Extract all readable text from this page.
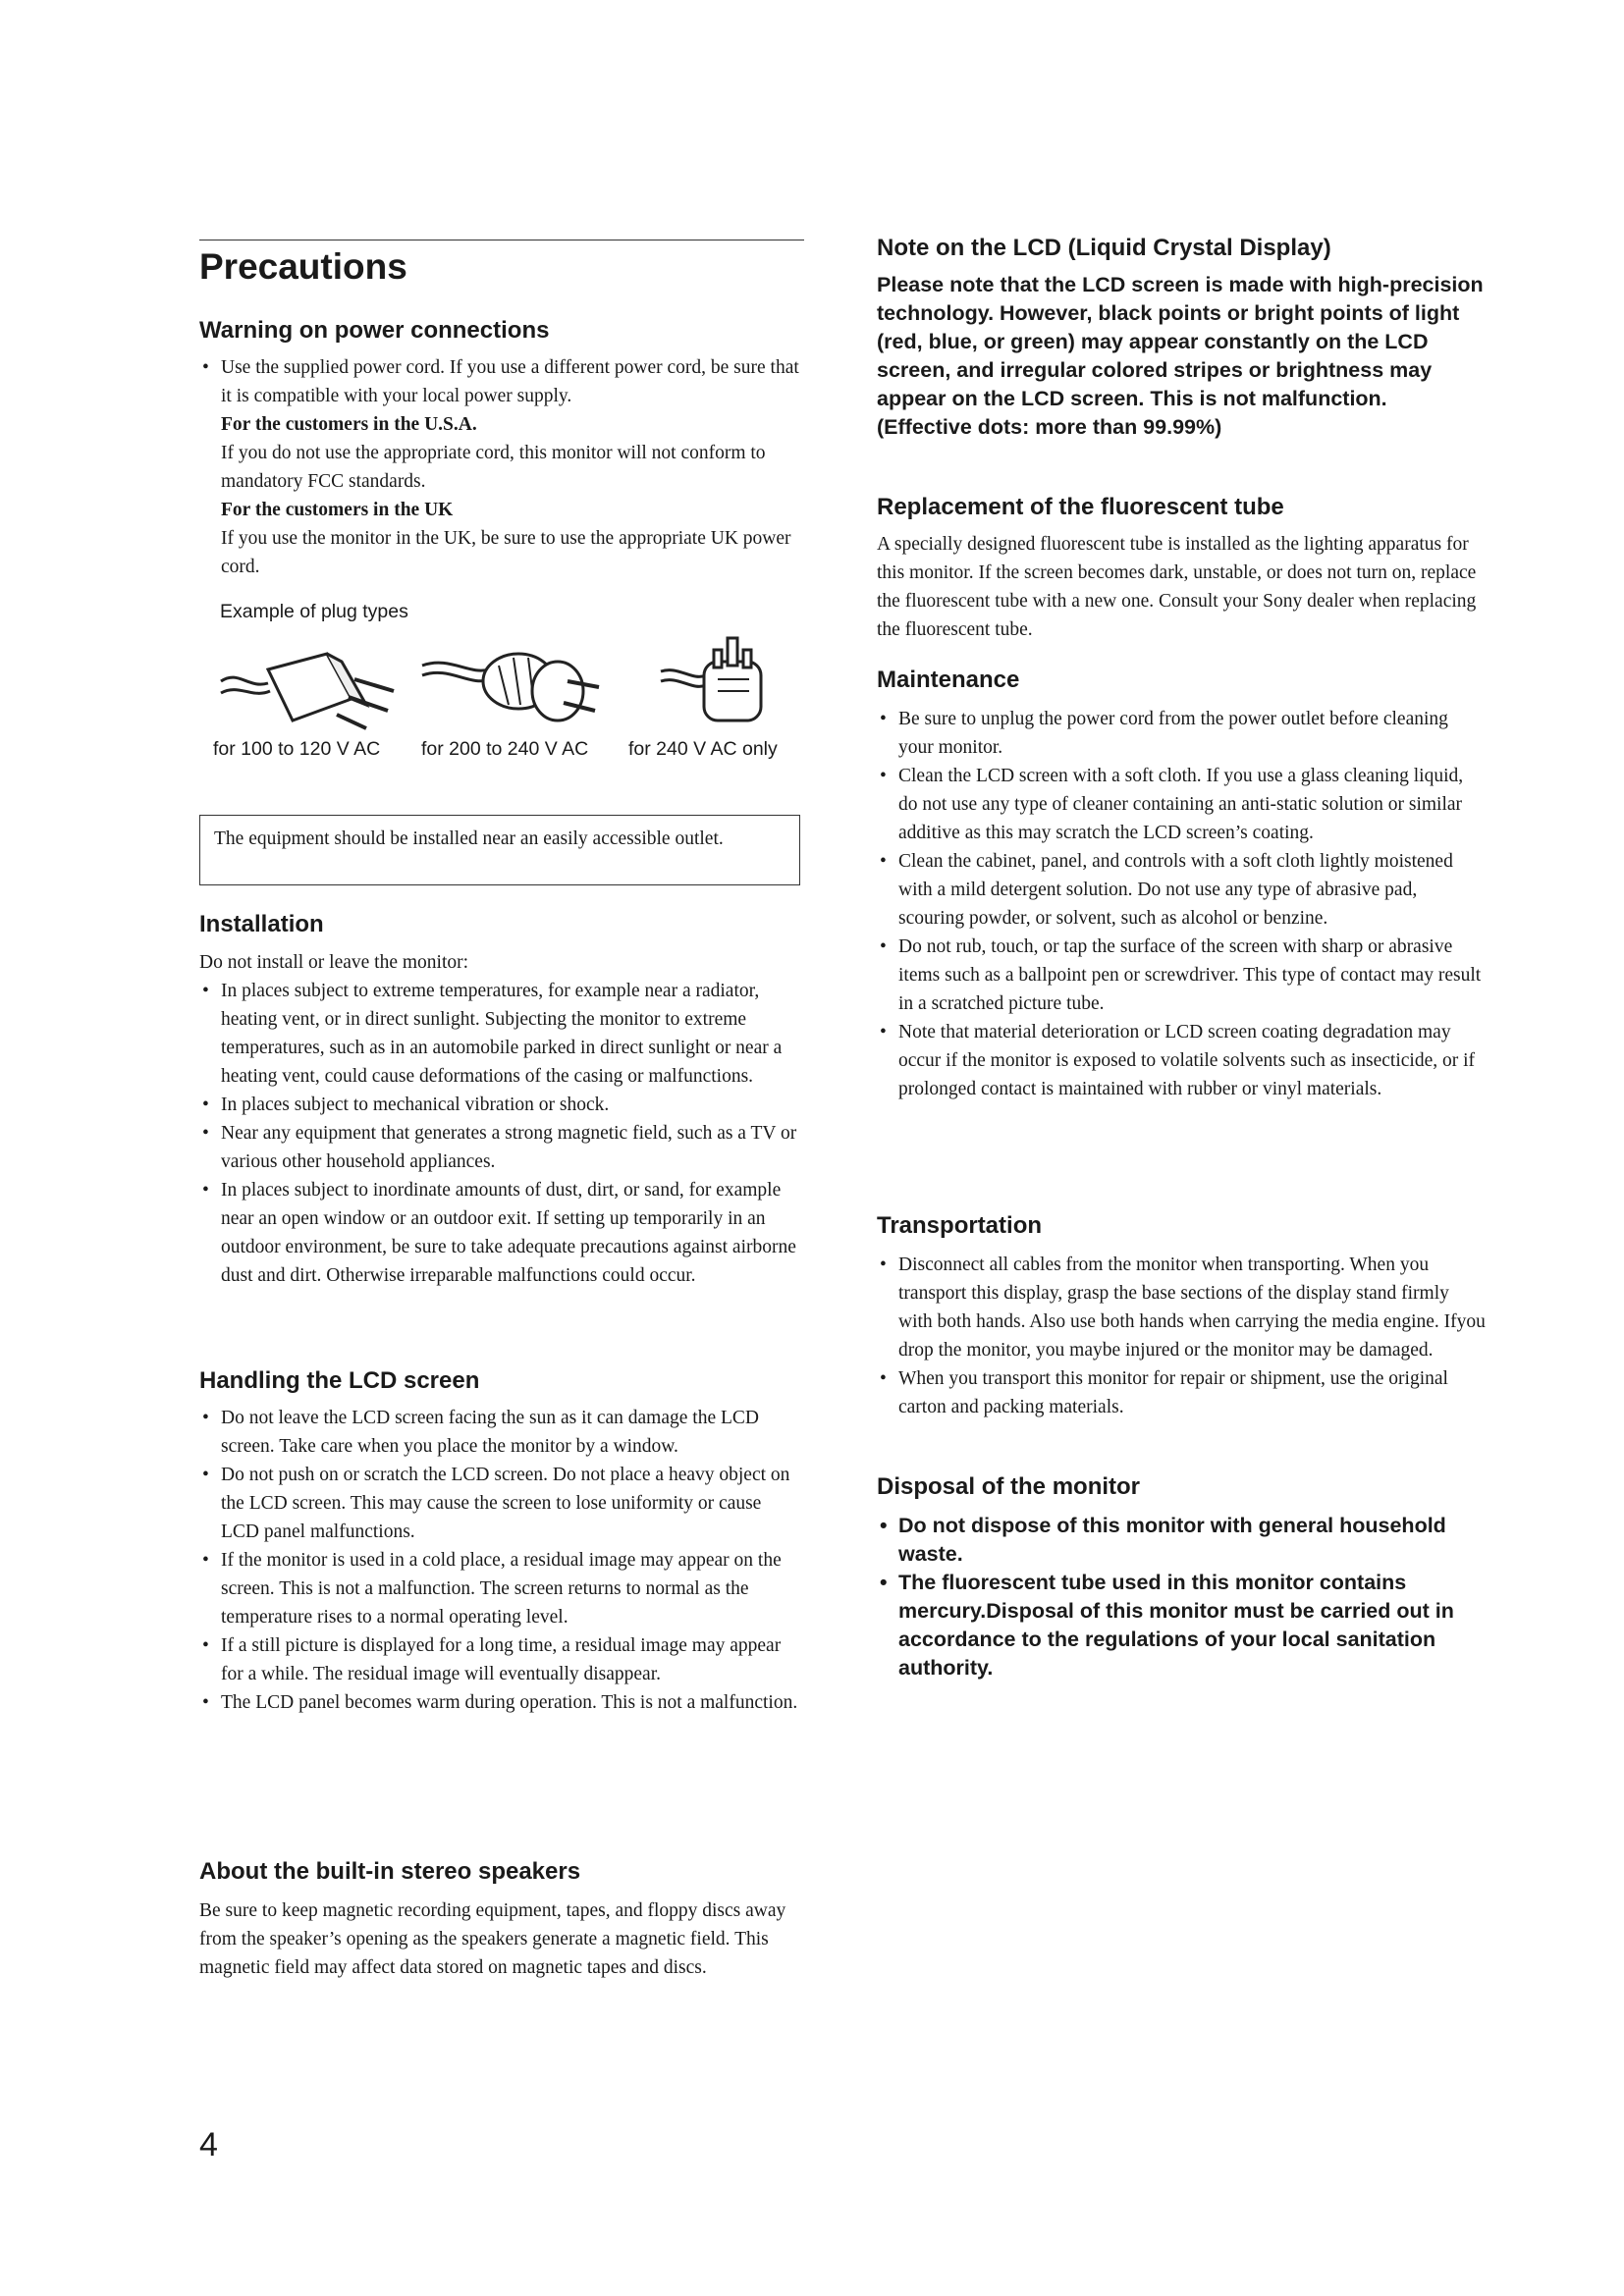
Precautions
Warning on power connections
• Use the supplied power cord. If you use a different power cord, be sure that it is compatible with your local power supply.

For the customers in the U.S.A.

If you do not use the appropriate cord, this monitor will not conform to mandatory FCC standards.

For the customers in the UK

If you use the monitor in the UK, be sure to use the appropriate UK power cord.

Example of plug types
for 100 to 120 V AC for 200 to 240 V AC for 240 V AC only

The equipment should be installed near an easily accessible outlet.

Installation

Do not install or leave the monitor:

• In places subject to extreme temperatures, for example near a radiator, heating vent, or in direct sunlight. Subjecting the monitor to extreme temperatures, such as in an automobile parked in direct sunlight or near a heating vent, could cause deformations of the casing or malfunctions.
• In places subject to mechanical vibration or shock.
• Near any equipment that generates a strong magnetic field, such as a TV or various other household appliances.
• In places subject to inordinate amounts of dust, dirt, or sand, for example near an open window or an outdoor exit. If setting up temporarily in an outdoor environment, be sure to take adequate precautions against airborne dust and dirt. Otherwise irreparable malfunctions could occur.
Handling the LCD screen
• Do not leave the LCD screen facing the sun as it can damage the LCD screen. Take care when you place the monitor by a window.
• Do not push on or scratch the LCD screen. Do not place a heavy object on the LCD screen. This may cause the screen to lose uniformity or cause LCD panel malfunctions.
• If the monitor is used in a cold place, a residual image may appear on the screen. This is not a malfunction. The screen returns to normal as the temperature rises to a normal operating level.
• If a still picture is displayed for a long time, a residual image may appear for a while. The residual image will eventually disappear.
• The LCD panel becomes warm during operation. This is not a malfunction.
About the built-in stereo speakers

Be sure to keep magnetic recording equipment, tapes, and floppy discs away from the speaker’s opening as the speakers generate a magnetic field. This magnetic field may affect data stored on magnetic tapes and discs.

4
Note on the LCD (Liquid Crystal Display)

Please note that the LCD screen is made with high-precision technology. However, black points or bright points of light (red, blue, or green) may appear constantly on the LCD screen, and irregular colored stripes or brightness may appear on the LCD screen. This is not malfunction. (Effective dots: more than 99.99%)

Replacement of the fluorescent tube

A specially designed fluorescent tube is installed as the lighting apparatus for this monitor. If the screen becomes dark, unstable, or does not turn on, replace the fluorescent tube with a new one. Consult your Sony dealer when replacing the fluorescent tube.

Maintenance
• Be sure to unplug the power cord from the power outlet before cleaning your monitor.
• Clean the LCD screen with a soft cloth. If you use a glass cleaning liquid, do not use any type of cleaner containing an anti-static solution or similar additive as this may scratch the LCD screen’s coating.
• Clean the cabinet, panel, and controls with a soft cloth lightly moistened with a mild detergent solution. Do not use any type of abrasive pad, scouring powder, or solvent, such as alcohol or benzine.
• Do not rub, touch, or tap the surface of the screen with sharp or abrasive items such as a ballpoint pen or screwdriver. This type of contact may result in a scratched picture tube.
• Note that material deterioration or LCD screen coating degradation may occur if the monitor is exposed to volatile solvents such as insecticide, or if prolonged contact is maintained with rubber or vinyl materials.
Transportation
• Disconnect all cables from the monitor when transporting. When you transport this display, grasp the base sections of the display stand firmly with both hands. Also use both hands when carrying the media engine. Ifyou drop the monitor, you maybe injured or the monitor may be damaged.
• When you transport this monitor for repair or shipment, use the original carton and packing materials.
Disposal of the monitor
• Do not dispose of this monitor with general household waste.
• The fluorescent tube used in this monitor contains mercury.Disposal of this monitor must be carried out in accordance to the regulations of your local sanitation authority.
